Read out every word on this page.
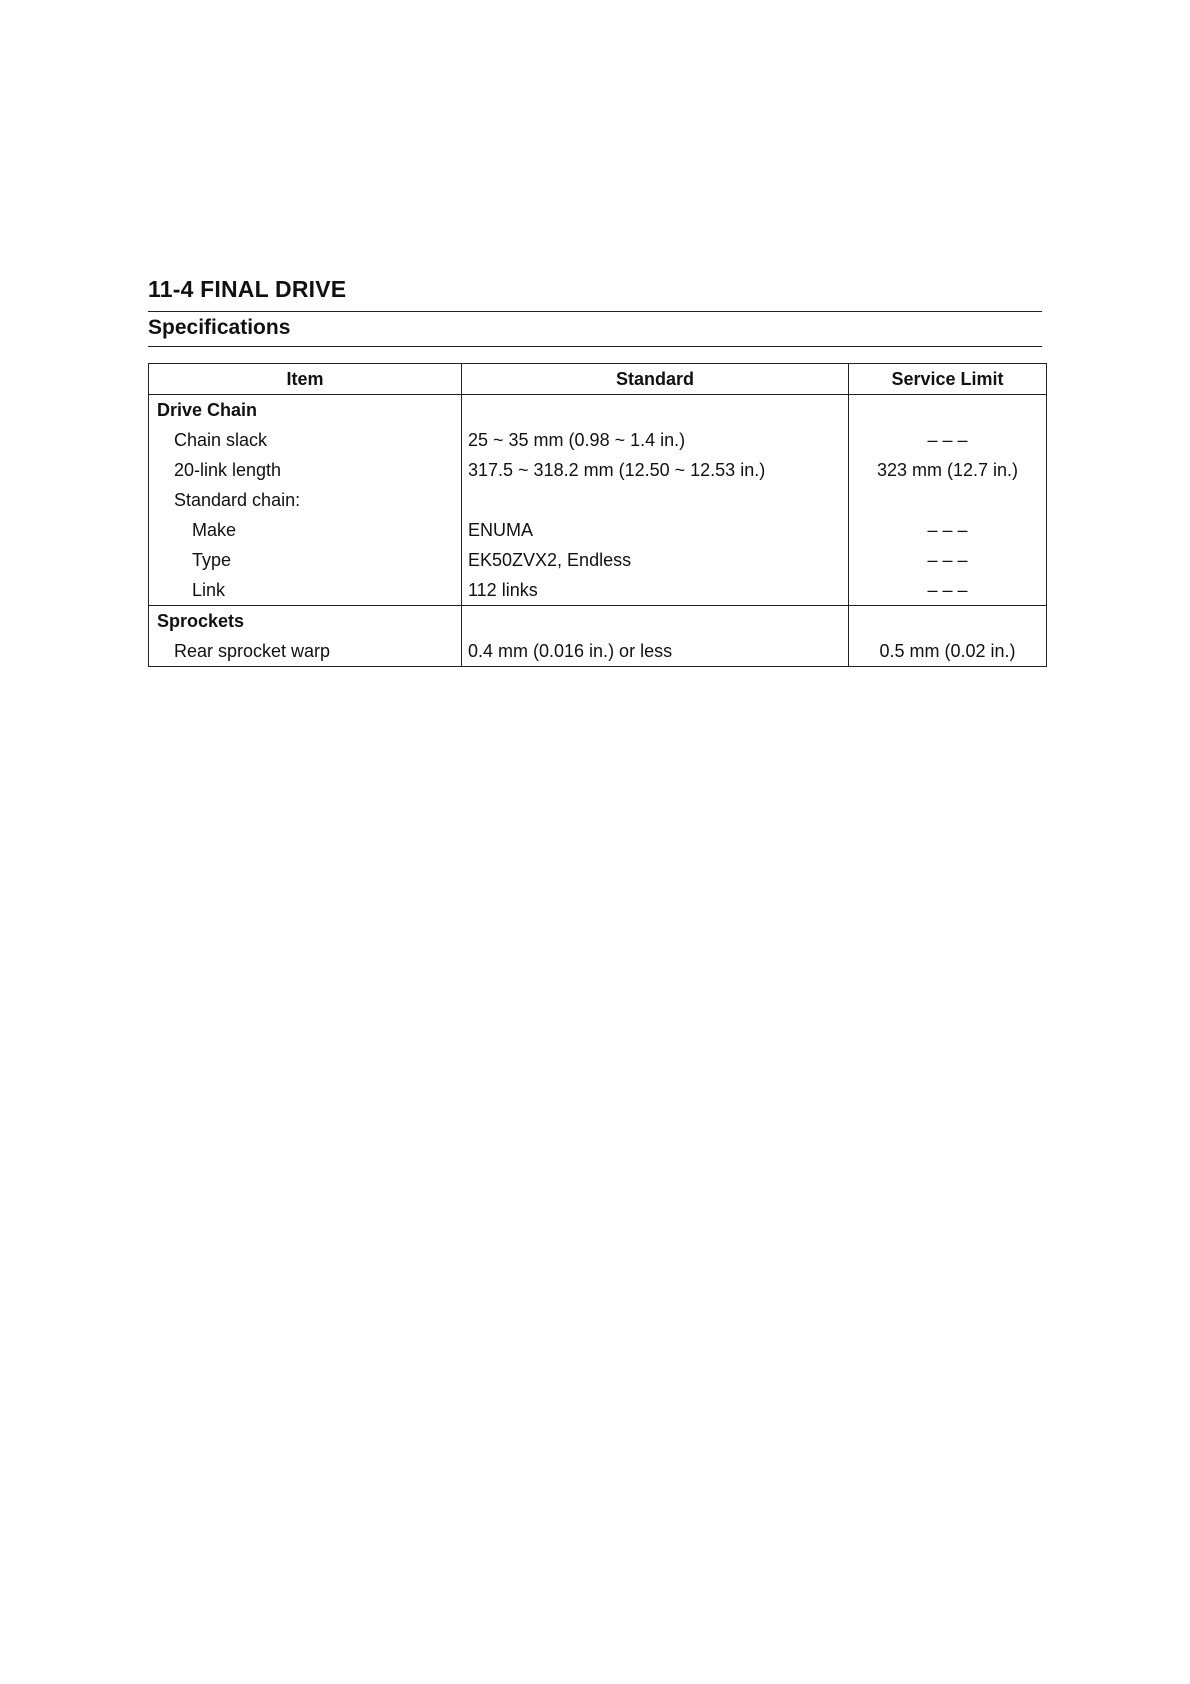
11-4 FINAL DRIVE
Specifications
Item	Standard	Service Limit
Drive Chain		
Chain slack	25 ~ 35 mm (0.98 ~ 1.4 in.)	– – –
20-link length	317.5 ~ 318.2 mm (12.50 ~ 12.53 in.)	323 mm (12.7 in.)
Standard chain:		
Make	ENUMA	– – –
Type	EK50ZVX2, Endless	– – –
Link	112 links	– – –
Sprockets		
Rear sprocket warp	0.4 mm (0.016 in.) or less	0.5 mm (0.02 in.)
